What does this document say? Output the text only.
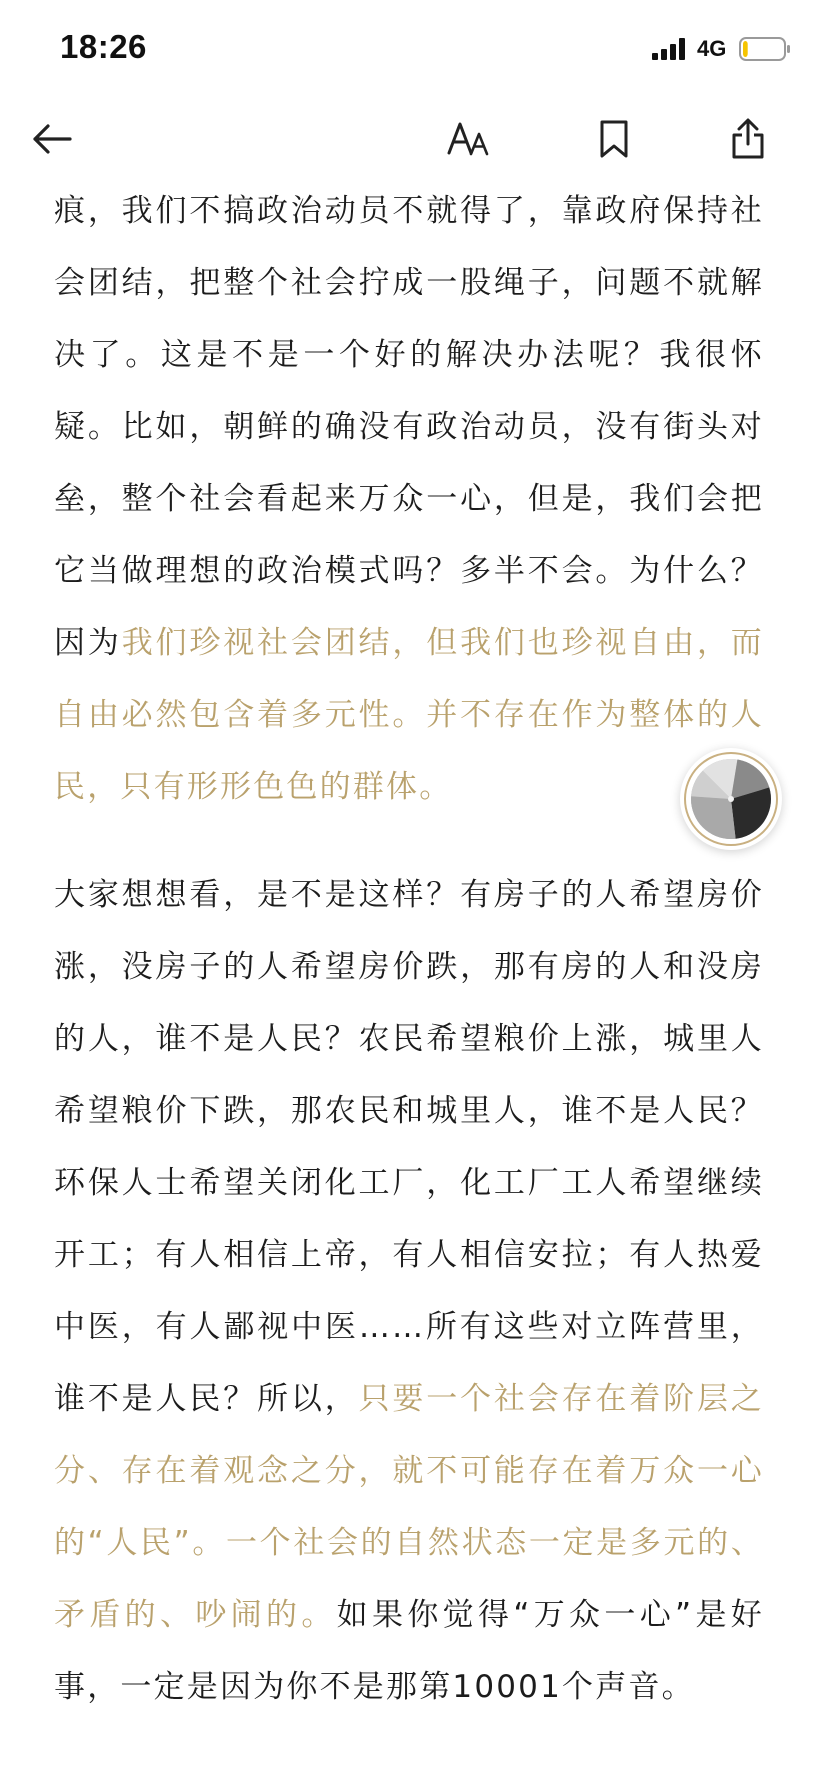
18:26	4G

痕，我们不搞政治动员不就得了，靠政府保持社会团结，把整个社会拧成一股绳子，问题不就解决了。这是不是一个好的解决办法呢？我很怀疑。比如，朝鲜的确没有政治动员，没有街头对垒，整个社会看起来万众一心，但是，我们会把它当做理想的政治模式吗？多半不会。为什么？因为我们珍视社会团结，但我们也珍视自由，而自由必然包含着多元性。并不存在作为整体的人民，只有形形色色的群体。

大家想想看，是不是这样？有房子的人希望房价涨，没房子的人希望房价跌，那有房的人和没房的人，谁不是人民？农民希望粮价上涨，城里人希望粮价下跌，那农民和城里人，谁不是人民？环保人士希望关闭化工厂，化工厂工人希望继续开工；有人相信上帝，有人相信安拉；有人热爱中医，有人鄙视中医……所有这些对立阵营里，谁不是人民？所以，只要一个社会存在着阶层之分、存在着观念之分，就不可能存在着万众一心的“人民”。一个社会的自然状态一定是多元的、矛盾的、吵闹的。如果你觉得“万众一心”是好事，一定是因为你不是那第10001个声音。
